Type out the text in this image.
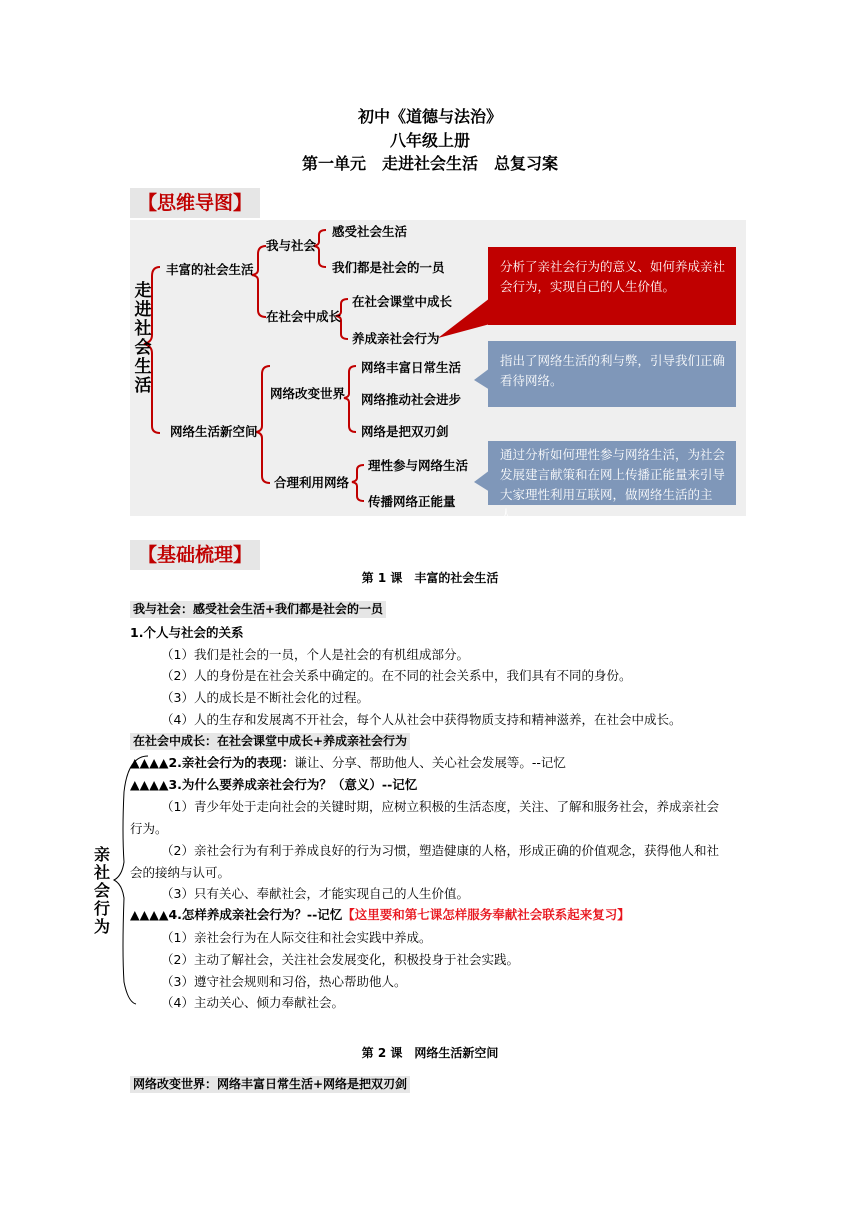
初中《道德与法治》
八年级上册
第一单元　走进社会生活　总复习案
【思维导图】
走进社会生活
丰富的社会生活
我与社会
感受社会生活
我们都是社会的一员
在社会中成长
在社会课堂中成长
养成亲社会行为
网络生活新空间
网络改变世界
网络丰富日常生活
网络推动社会进步
网络是把双刃剑
合理利用网络
理性参与网络生活
传播网络正能量
分析了亲社会行为的意义、如何养成亲社会行为，实现自己的人生价值。
指出了网络生活的利与弊，引导我们正确看待网络。
通过分析如何理性参与网络生活，为社会发展建言献策和在网上传播正能量来引导大家理性利用互联网，做网络生活的主人。
【基础梳理】
第 1 课　丰富的社会生活
我与社会：感受社会生活+我们都是社会的一员
1.个人与社会的关系
（1）我们是社会的一员，个人是社会的有机组成部分。
（2）人的身份是在社会关系中确定的。在不同的社会关系中，我们具有不同的身份。
（3）人的成长是不断社会化的过程。
（4）人的生存和发展离不开社会，每个人从社会中获得物质支持和精神滋养，在社会中成长。
在社会中成长：在社会课堂中成长+养成亲社会行为
亲社会行为
▲▲▲▲2.亲社会行为的表现：谦让、分享、帮助他人、关心社会发展等。--记忆
▲▲▲▲3.为什么要养成亲社会行为？（意义）--记忆
（1）青少年处于走向社会的关键时期，应树立积极的生活态度，关注、了解和服务社会，养成亲社会
行为。
（2）亲社会行为有利于养成良好的行为习惯，塑造健康的人格，形成正确的价值观念，获得他人和社
会的接纳与认可。
（3）只有关心、奉献社会，才能实现自己的人生价值。
▲▲▲▲4.怎样养成亲社会行为？--记忆【这里要和第七课怎样服务奉献社会联系起来复习】
（1）亲社会行为在人际交往和社会实践中养成。
（2）主动了解社会，关注社会发展变化，积极投身于社会实践。
（3）遵守社会规则和习俗，热心帮助他人。
（4）主动关心、倾力奉献社会。
第 2 课　网络生活新空间
网络改变世界：网络丰富日常生活+网络是把双刃剑
